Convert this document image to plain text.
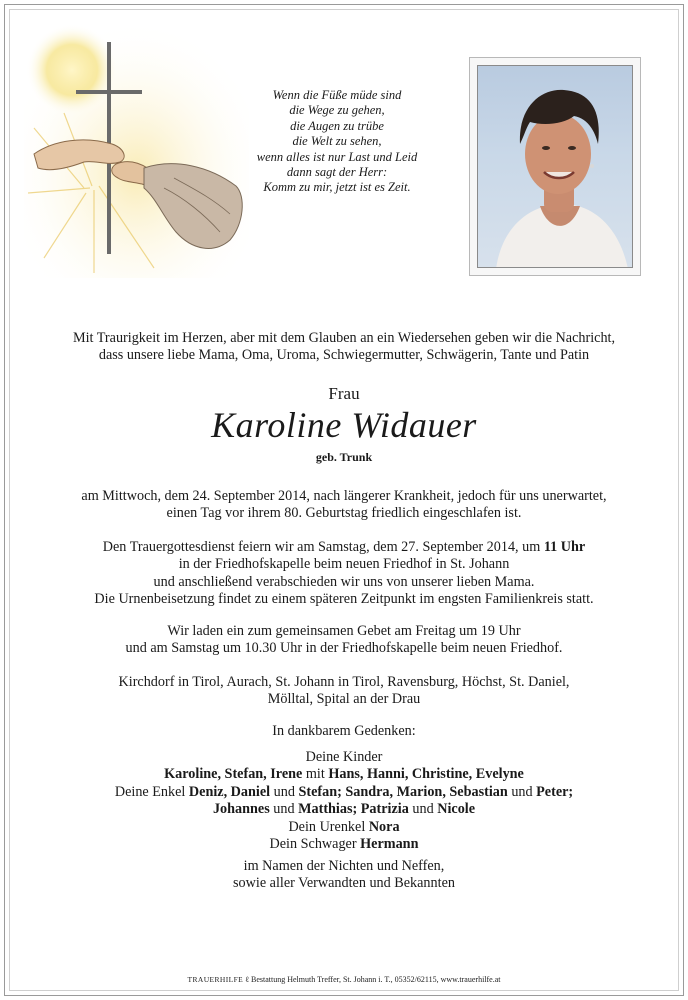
Wenn die Füße müde sind
die Wege zu gehen,
die Augen zu trübe
die Welt zu sehen,
wenn alles ist nur Last und Leid
dann sagt der Herr:
Komm zu mir, jetzt ist es Zeit.
Mit Traurigkeit im Herzen, aber mit dem Glauben an ein Wiedersehen geben wir die Nachricht,
dass unsere liebe Mama, Oma, Uroma, Schwiegermutter, Schwägerin, Tante und Patin
Frau
Karoline Widauer
geb. Trunk
am Mittwoch, dem 24. September 2014, nach längerer Krankheit, jedoch für uns unerwartet,
einen Tag vor ihrem 80. Geburtstag friedlich eingeschlafen ist.
Den Trauergottesdienst feiern wir am Samstag, dem 27. September 2014, um 11 Uhr
in der Friedhofskapelle beim neuen Friedhof in St. Johann
und anschließend verabschieden wir uns von unserer lieben Mama.
Die Urnenbeisetzung findet zu einem späteren Zeitpunkt im engsten Familienkreis statt.
Wir laden ein zum gemeinsamen Gebet am Freitag um 19 Uhr
und am Samstag um 10.30 Uhr in der Friedhofskapelle beim neuen Friedhof.
Kirchdorf in Tirol, Aurach, St. Johann in Tirol, Ravensburg, Höchst, St. Daniel,
Mölltal, Spital an der Drau
In dankbarem Gedenken:
Deine Kinder
Karoline, Stefan, Irene mit Hans, Hanni, Christine, Evelyne
Deine Enkel Deniz, Daniel und Stefan; Sandra, Marion, Sebastian und Peter;
Johannes und Matthias; Patrizia und Nicole
Dein Urenkel Nora
Dein Schwager Hermann
im Namen der Nichten und Neffen,
sowie aller Verwandten und Bekannten
TRAUERHILFE ℓ Bestattung Helmuth Treffer, St. Johann i. T., 05352/62115, www.trauerhilfe.at
